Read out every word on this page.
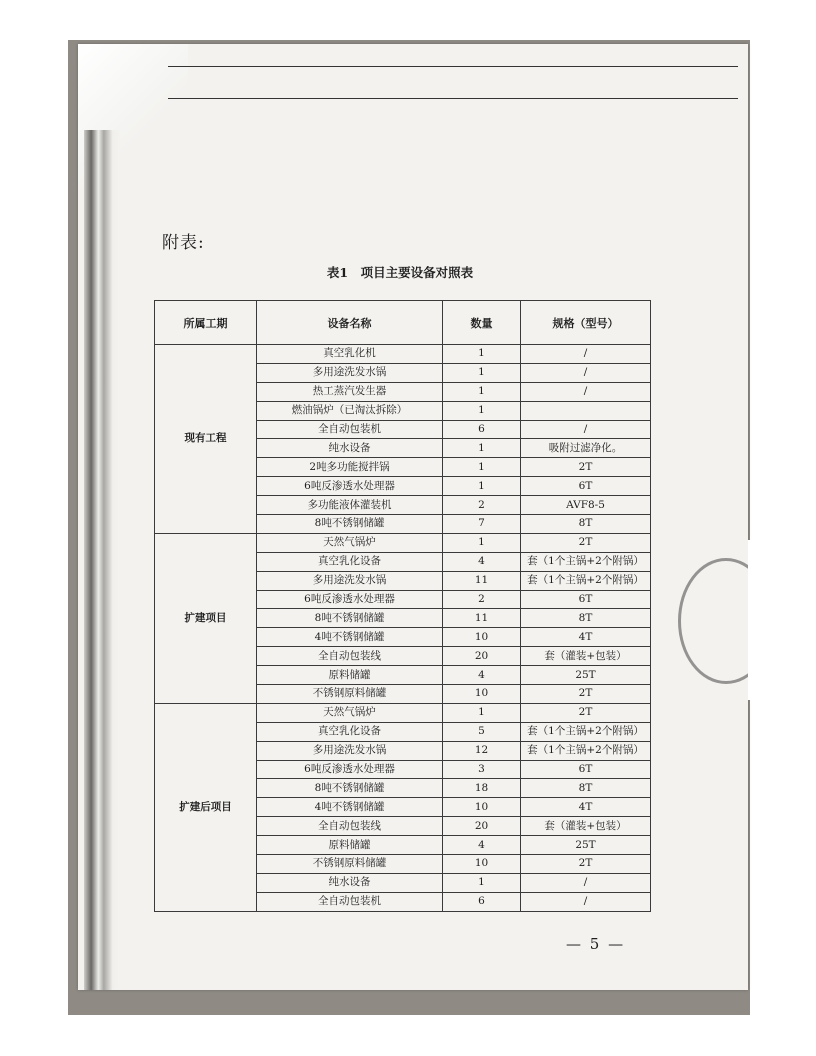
附表:
表1　项目主要设备对照表
所属工期	设备名称	数量	规格（型号）
现有工程	真空乳化机	1	/
	多用途洗发水锅	1	/
	热工蒸汽发生器	1	/
	燃油锅炉（已淘汰拆除）	1	
	全自动包装机	6	/
	纯水设备	1	吸附过滤净化。
	2吨多功能搅拌锅	1	2T
	6吨反渗透水处理器	1	6T
	多功能液体灌装机	2	AVF8-5
	8吨不锈钢储罐	7	8T
扩建项目	天然气锅炉	1	2T
	真空乳化设备	4	套（1个主锅+2个附锅）
	多用途洗发水锅	11	套（1个主锅+2个附锅）
	6吨反渗透水处理器	2	6T
	8吨不锈钢储罐	11	8T
	4吨不锈钢储罐	10	4T
	全自动包装线	20	套（灌装+包装）
	原料储罐	4	25T
	不锈钢原料储罐	10	2T
扩建后项目	天然气锅炉	1	2T
	真空乳化设备	5	套（1个主锅+2个附锅）
	多用途洗发水锅	12	套（1个主锅+2个附锅）
	6吨反渗透水处理器	3	6T
	8吨不锈钢储罐	18	8T
	4吨不锈钢储罐	10	4T
	全自动包装线	20	套（灌装+包装）
	原料储罐	4	25T
	不锈钢原料储罐	10	2T
	纯水设备	1	/
	全自动包装机	6	/
— 5 —
